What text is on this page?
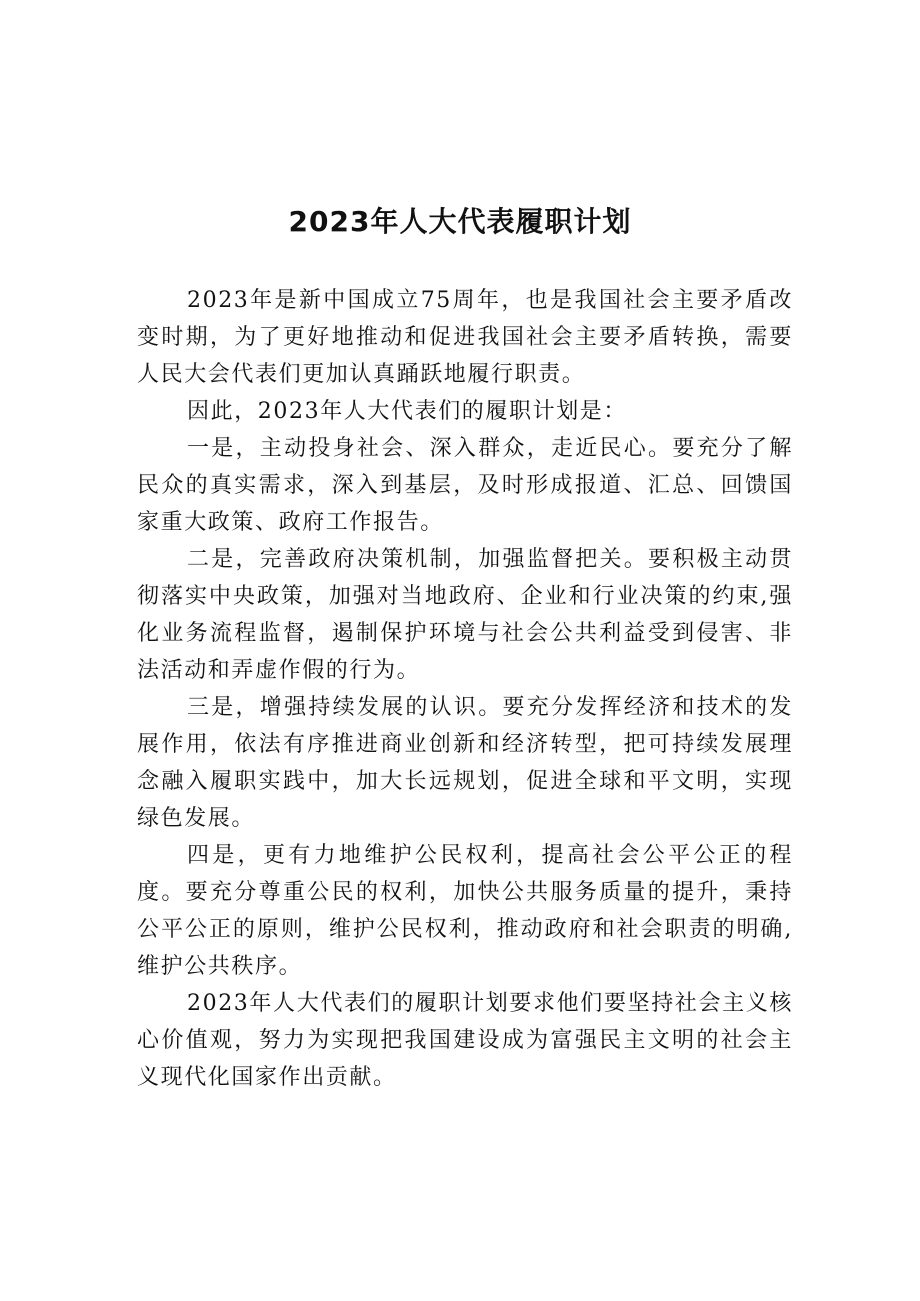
2023年人大代表履职计划

2023年是新中国成立75周年，也是我国社会主要矛盾改变时期，为了更好地推动和促进我国社会主要矛盾转换，需要人民大会代表们更加认真踊跃地履行职责。

因此，2023年人大代表们的履职计划是：

一是，主动投身社会、深入群众，走近民心。要充分了解民众的真实需求，深入到基层，及时形成报道、汇总、回馈国家重大政策、政府工作报告。

二是，完善政府决策机制，加强监督把关。要积极主动贯彻落实中央政策，加强对当地政府、企业和行业决策的约束,强化业务流程监督，遏制保护环境与社会公共利益受到侵害、非法活动和弄虚作假的行为。

三是，增强持续发展的认识。要充分发挥经济和技术的发展作用，依法有序推进商业创新和经济转型，把可持续发展理念融入履职实践中，加大长远规划，促进全球和平文明，实现绿色发展。

四是，更有力地维护公民权利，提高社会公平公正的程度。要充分尊重公民的权利，加快公共服务质量的提升，秉持公平公正的原则，维护公民权利，推动政府和社会职责的明确,维护公共秩序。

2023年人大代表们的履职计划要求他们要坚持社会主义核心价值观，努力为实现把我国建设成为富强民主文明的社会主义现代化国家作出贡献。
